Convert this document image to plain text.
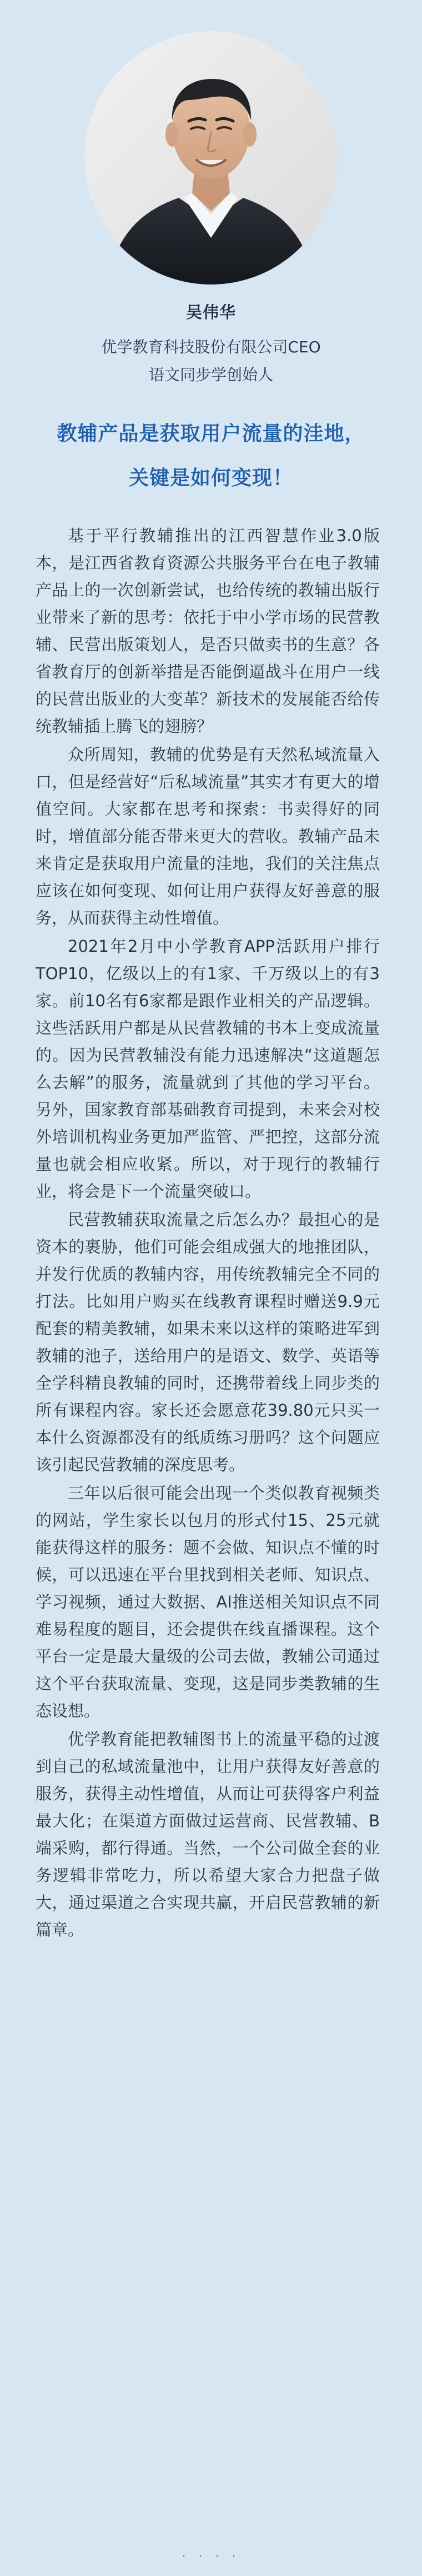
吴伟华
优学教育科技股份有限公司CEO
语文同步学创始人
教辅产品是获取用户流量的洼地，
关键是如何变现！

基于平行教辅推出的江西智慧作业3.0版本，是江西省教育资源公共服务平台在电子教辅产品上的一次创新尝试，也给传统的教辅出版行业带来了新的思考：依托于中小学市场的民营教辅、民营出版策划人，是否只做卖书的生意？各省教育厅的创新举措是否能倒逼战斗在用户一线的民营出版业的大变革？新技术的发展能否给传统教辅插上腾飞的翅膀？

众所周知，教辅的优势是有天然私域流量入口，但是经营好“后私域流量”其实才有更大的增值空间。大家都在思考和探索：书卖得好的同时，增值部分能否带来更大的营收。教辅产品未来肯定是获取用户流量的洼地，我们的关注焦点应该在如何变现、如何让用户获得友好善意的服务，从而获得主动性增值。

2021年2月中小学教育APP活跃用户排行TOP10，亿级以上的有1家、千万级以上的有3家。前10名有6家都是跟作业相关的产品逻辑。这些活跃用户都是从民营教辅的书本上变成流量的。因为民营教辅没有能力迅速解决“这道题怎么去解”的服务，流量就到了其他的学习平台。另外，国家教育部基础教育司提到，未来会对校外培训机构业务更加严监管、严把控，这部分流量也就会相应收紧。所以，对于现行的教辅行业，将会是下一个流量突破口。

民营教辅获取流量之后怎么办？最担心的是资本的裹胁，他们可能会组成强大的地推团队，并发行优质的教辅内容，用传统教辅完全不同的打法。比如用户购买在线教育课程时赠送9.9元配套的精美教辅，如果未来以这样的策略进军到教辅的池子，送给用户的是语文、数学、英语等全学科精良教辅的同时，还携带着线上同步类的所有课程内容。家长还会愿意花39.80元只买一本什么资源都没有的纸质练习册吗？这个问题应该引起民营教辅的深度思考。

三年以后很可能会出现一个类似教育视频类的网站，学生家长以包月的形式付15、25元就能获得这样的服务：题不会做、知识点不懂的时候，可以迅速在平台里找到相关老师、知识点、学习视频，通过大数据、AI推送相关知识点不同难易程度的题目，还会提供在线直播课程。这个平台一定是最大量级的公司去做，教辅公司通过这个平台获取流量、变现，这是同步类教辅的生态设想。

优学教育能把教辅图书上的流量平稳的过渡到自己的私域流量池中，让用户获得友好善意的服务，获得主动性增值，从而让可获得客户利益最大化；在渠道方面做过运营商、民营教辅、B端采购，都行得通。当然，一个公司做全套的业务逻辑非常吃力，所以希望大家合力把盘子做大，通过渠道之合实现共赢，开启民营教辅的新篇章。

· · · ·
